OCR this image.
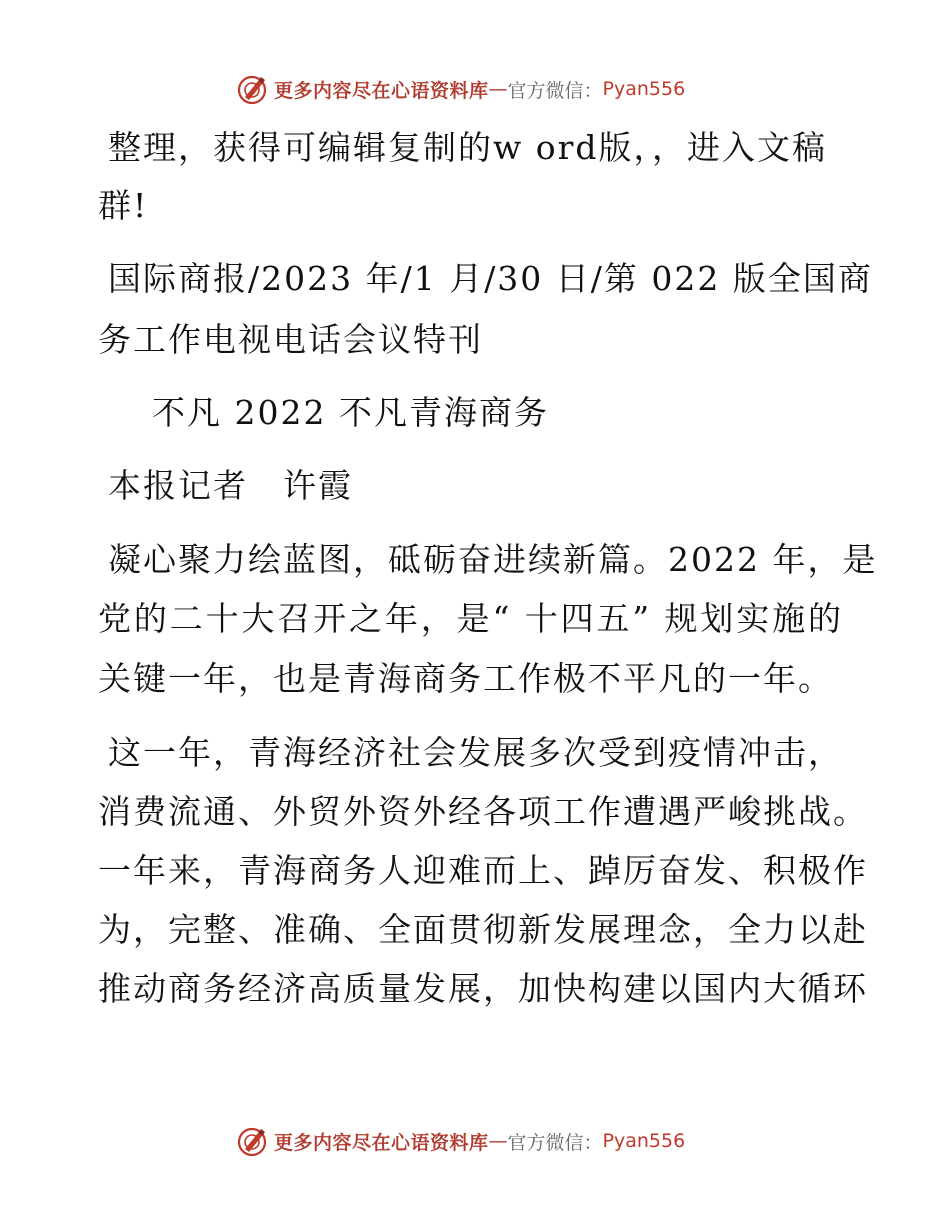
更多内容尽在心语资料库 — 官方微信： Pyan556
整理，获得可编辑复制的w ord版，，进入文稿
群!
国际商报/2023 年/1 月/30 日/第 022 版全国商
务工作电视电话会议特刊
不凡 2022 不凡青海商务
本报记者　许霞
凝心聚力绘蓝图，砥砺奋进续新篇。2022 年，是
党的二十大召开之年，是“ 十四五” 规划实施的
关键一年，也是青海商务工作极不平凡的一年。
这一年，青海经济社会发展多次受到疫情冲击，
消费流通、外贸外资外经各项工作遭遇严峻挑战。
一年来，青海商务人迎难而上、踔厉奋发、积极作
为，完整、准确、全面贯彻新发展理念，全力以赴
推动商务经济高质量发展，加快构建以国内大循环
更多内容尽在心语资料库 — 官方微信： Pyan556
